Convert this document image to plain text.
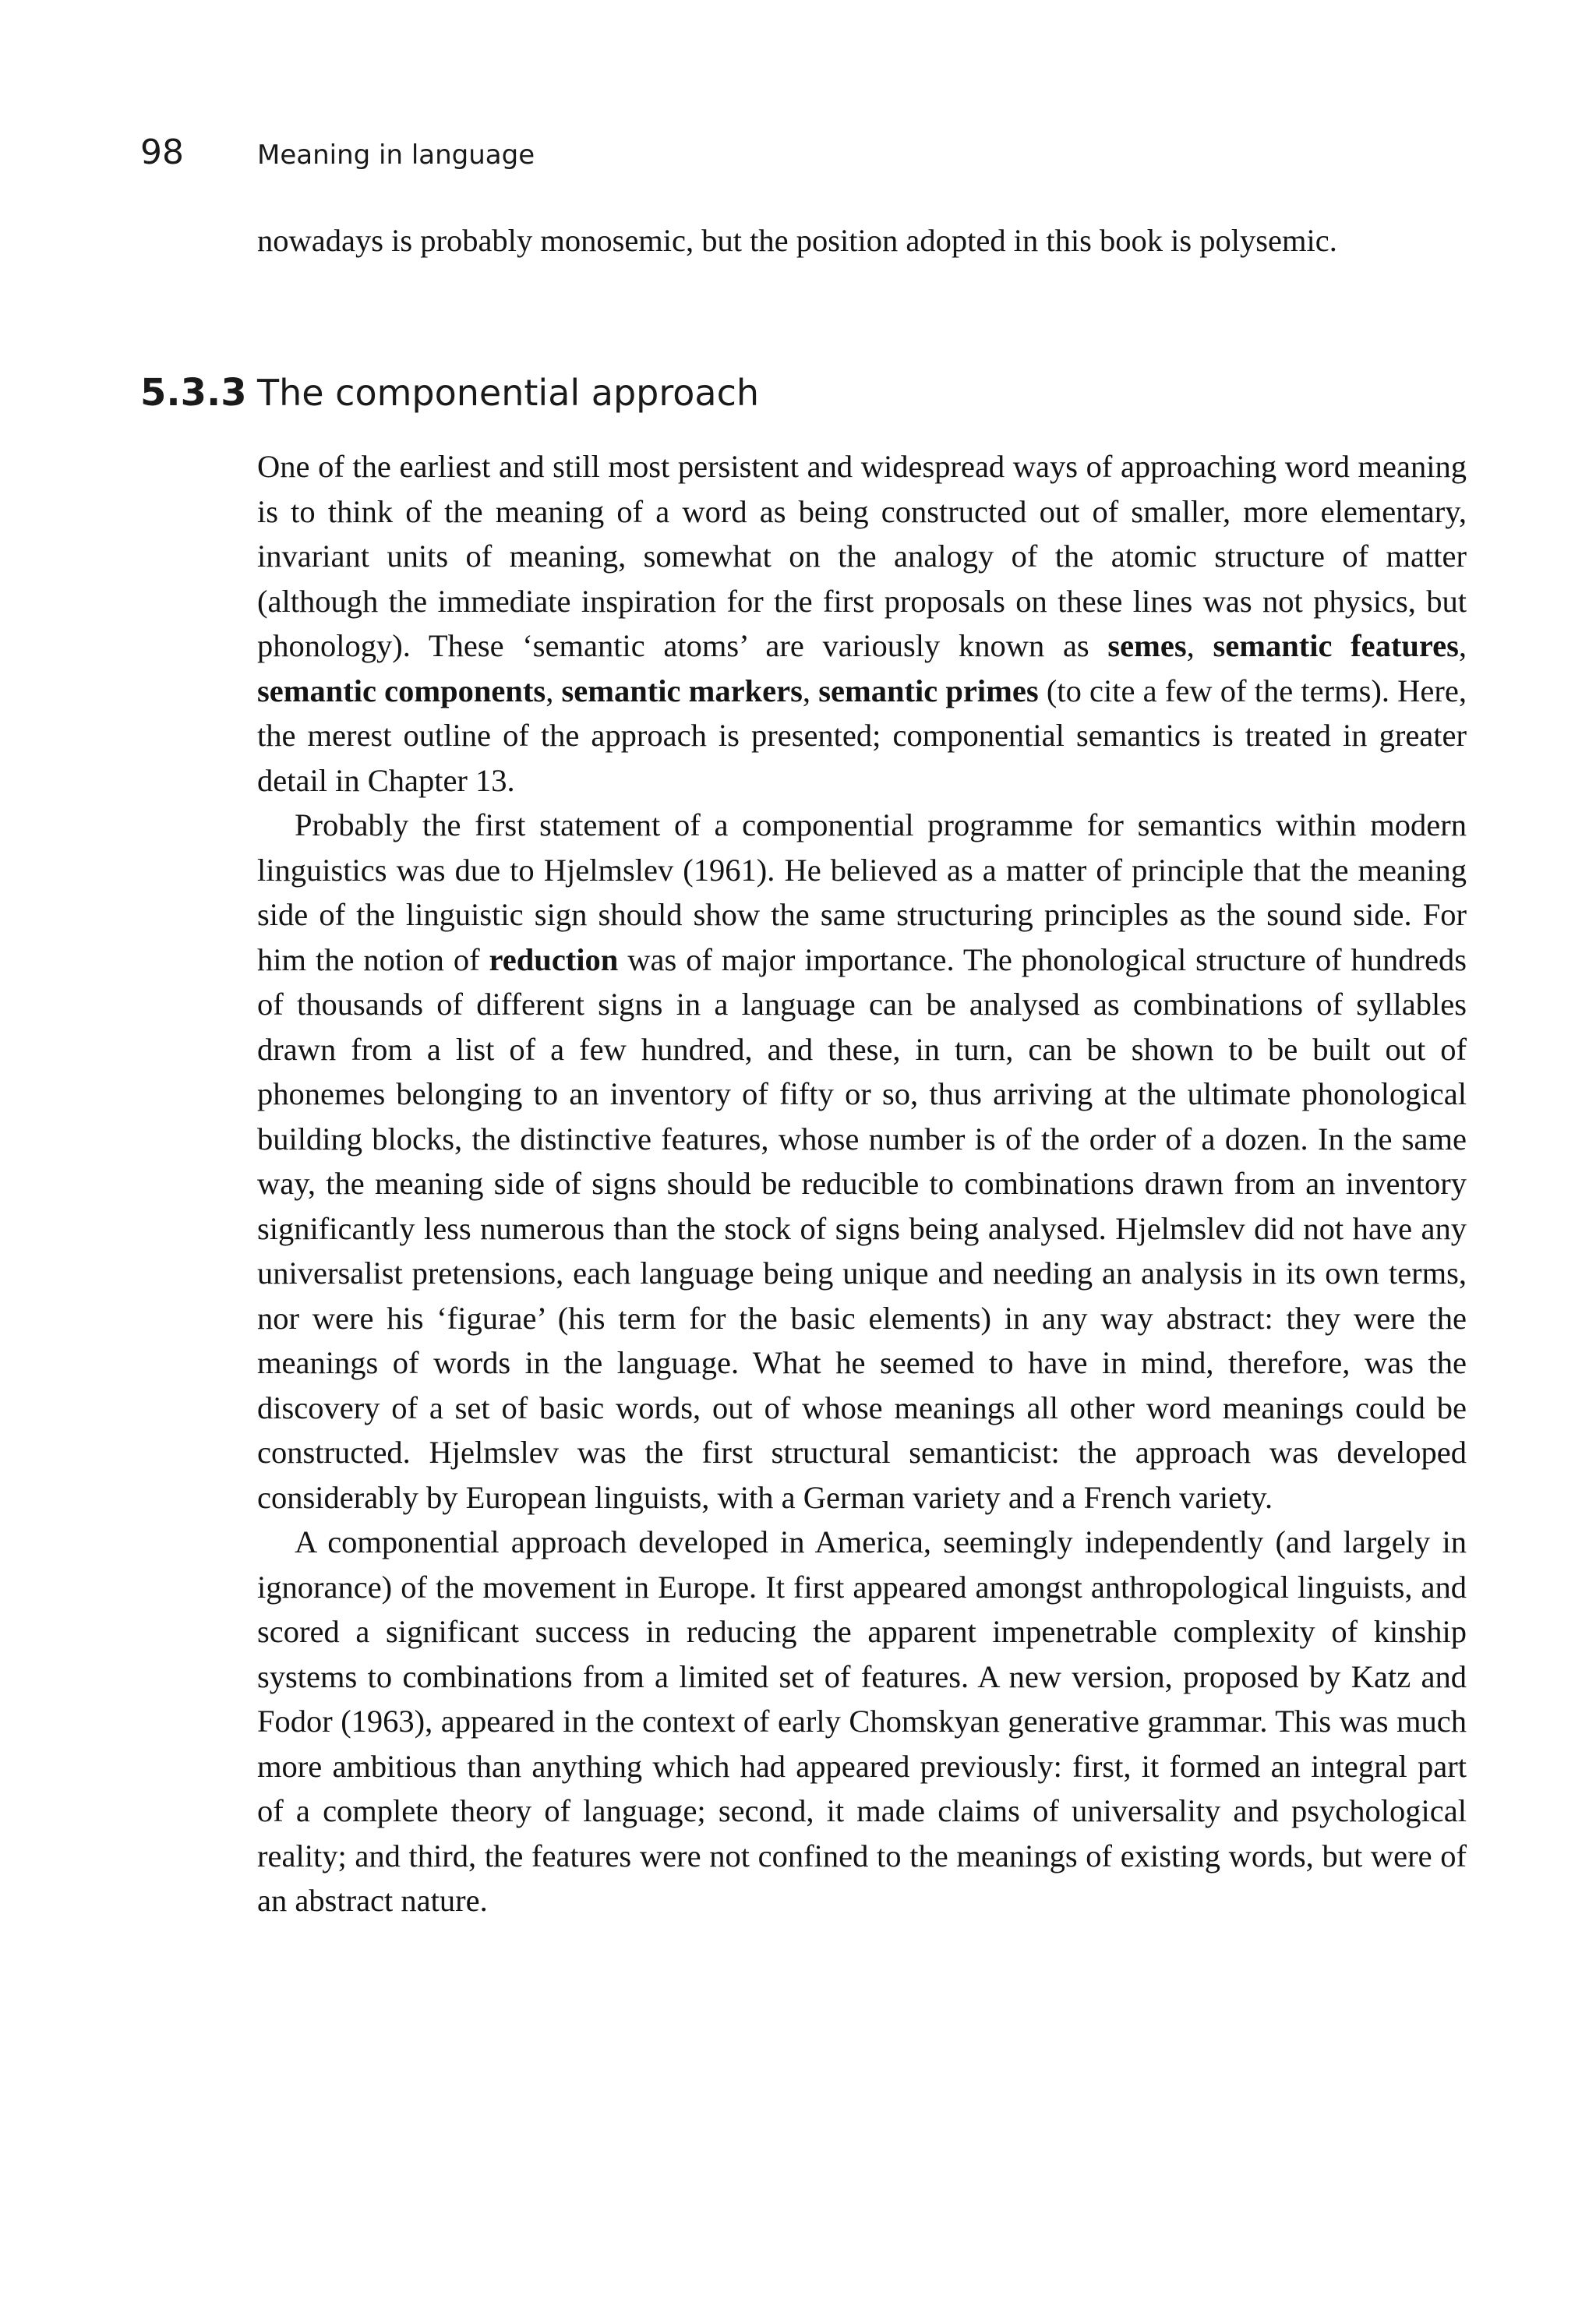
98	Meaning in language

nowadays is probably monosemic, but the position adopted in this book is polysemic.

5.3.3 The componential approach

One of the earliest and still most persistent and widespread ways of approaching word meaning is to think of the meaning of a word as being constructed out of smaller, more elementary, invariant units of meaning, somewhat on the analogy of the atomic structure of matter (although the immediate inspiration for the first proposals on these lines was not physics, but phonology). These ‘semantic atoms’ are variously known as semes, semantic features, semantic components, semantic markers, semantic primes (to cite a few of the terms). Here, the merest outline of the approach is presented; componential semantics is treated in greater detail in Chapter 13.

Probably the first statement of a componential programme for semantics within modern linguistics was due to Hjelmslev (1961). He believed as a matter of principle that the meaning side of the linguistic sign should show the same structuring principles as the sound side. For him the notion of reduction was of major importance. The phonological structure of hundreds of thousands of different signs in a language can be analysed as combinations of syllables drawn from a list of a few hundred, and these, in turn, can be shown to be built out of phonemes belonging to an inventory of fifty or so, thus arriving at the ultimate phonological building blocks, the distinctive features, whose number is of the order of a dozen. In the same way, the meaning side of signs should be reducible to combinations drawn from an inventory significantly less numerous than the stock of signs being analysed. Hjelmslev did not have any universalist pretensions, each language being unique and needing an analysis in its own terms, nor were his ‘figurae’ (his term for the basic elements) in any way abstract: they were the meanings of words in the language. What he seemed to have in mind, therefore, was the discovery of a set of basic words, out of whose meanings all other word meanings could be constructed. Hjelmslev was the first structural semanticist: the approach was developed considerably by European linguists, with a German variety and a French variety.

A componential approach developed in America, seemingly independently (and largely in ignorance) of the movement in Europe. It first appeared amongst anthropological linguists, and scored a significant success in reducing the apparent impenetrable complexity of kinship systems to combinations from a limited set of features. A new version, proposed by Katz and Fodor (1963), appeared in the context of early Chomskyan generative grammar. This was much more ambitious than anything which had appeared previously: first, it formed an integral part of a complete theory of language; second, it made claims of universality and psychological reality; and third, the features were not confined to the meanings of existing words, but were of an abstract nature.
